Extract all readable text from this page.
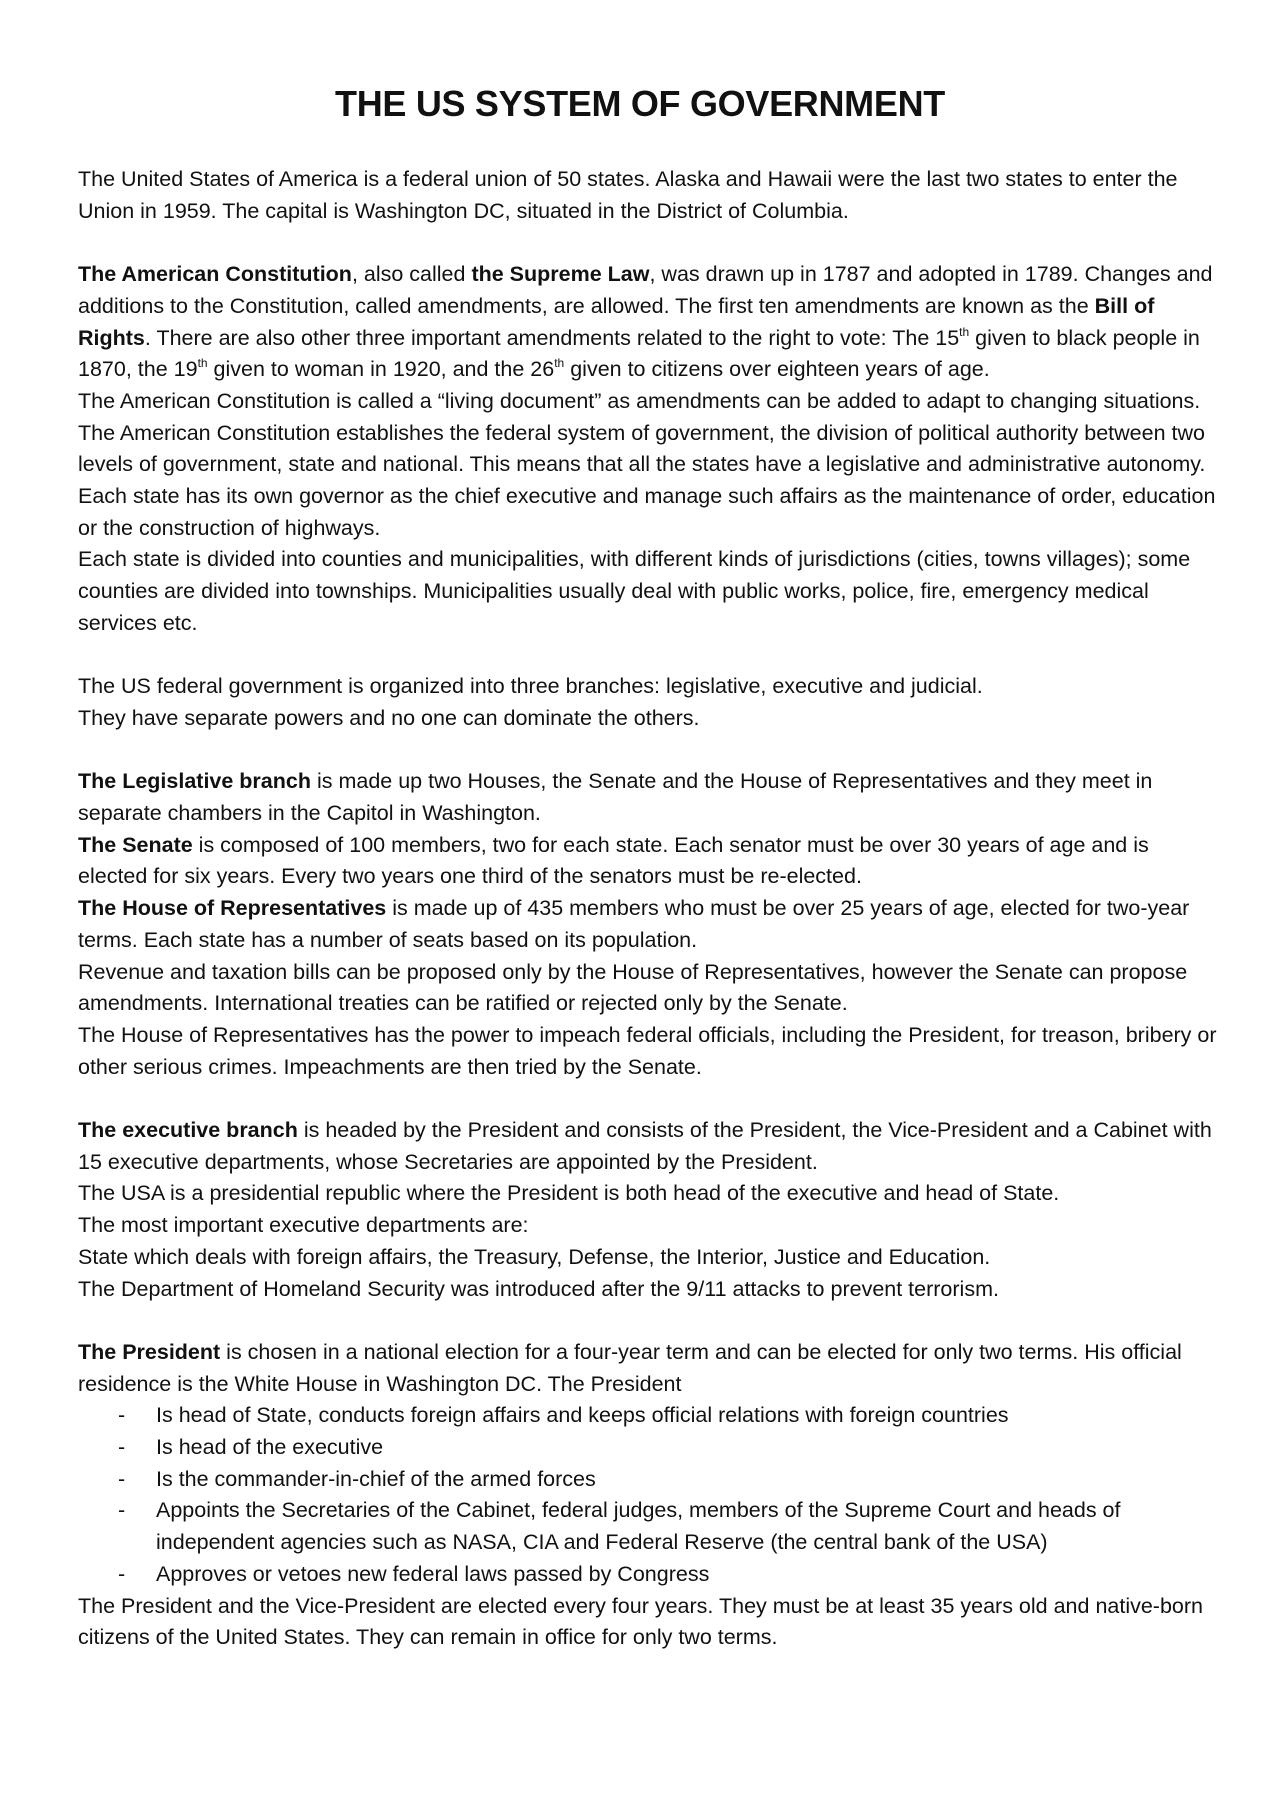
THE US SYSTEM OF GOVERNMENT

The United States of America is a federal union of 50 states. Alaska and Hawaii were the last two states to enter the Union in 1959. The capital is Washington DC, situated in the District of Columbia.

The American Constitution, also called the Supreme Law, was drawn up in 1787 and adopted in 1789. Changes and additions to the Constitution, called amendments, are allowed. The first ten amendments are known as the Bill of Rights. There are also other three important amendments related to the right to vote: The 15th given to black people in 1870, the 19th given to woman in 1920, and the 26th given to citizens over eighteen years of age.

The American Constitution is called a “living document” as amendments can be added to adapt to changing situations.

The American Constitution establishes the federal system of government, the division of political authority between two levels of government, state and national. This means that all the states have a legislative and administrative autonomy. Each state has its own governor as the chief executive and manage such affairs as the maintenance of order, education or the construction of highways.

Each state is divided into counties and municipalities, with different kinds of jurisdictions (cities, towns villages); some counties are divided into townships. Municipalities usually deal with public works, police, fire, emergency medical services etc.

The US federal government is organized into three branches: legislative, executive and judicial.

They have separate powers and no one can dominate the others.

The Legislative branch is made up two Houses, the Senate and the House of Representatives and they meet in separate chambers in the Capitol in Washington.

The Senate is composed of 100 members, two for each state. Each senator must be over 30 years of age and is elected for six years. Every two years one third of the senators must be re-elected.

The House of Representatives is made up of 435 members who must be over 25 years of age, elected for two-year terms. Each state has a number of seats based on its population.

Revenue and taxation bills can be proposed only by the House of Representatives, however the Senate can propose amendments. International treaties can be ratified or rejected only by the Senate.

The House of Representatives has the power to impeach federal officials, including the President, for treason, bribery or other serious crimes. Impeachments are then tried by the Senate.

The executive branch is headed by the President and consists of the President, the Vice-President and a Cabinet with 15 executive departments, whose Secretaries are appointed by the President.

The USA is a presidential republic where the President is both head of the executive and head of State.

The most important executive departments are:

State which deals with foreign affairs, the Treasury, Defense, the Interior, Justice and Education.

The Department of Homeland Security was introduced after the 9/11 attacks to prevent terrorism.

The President is chosen in a national election for a four-year term and can be elected for only two terms. His official residence is the White House in Washington DC. The President

- Is head of State, conducts foreign affairs and keeps official relations with foreign countries
- Is head of the executive
- Is the commander-in-chief of the armed forces
- Appoints the Secretaries of the Cabinet, federal judges, members of the Supreme Court and heads of independent agencies such as NASA, CIA and Federal Reserve (the central bank of the USA)
- Approves or vetoes new federal laws passed by Congress

The President and the Vice-President are elected every four years. They must be at least 35 years old and native-born citizens of the United States. They can remain in office for only two terms.
